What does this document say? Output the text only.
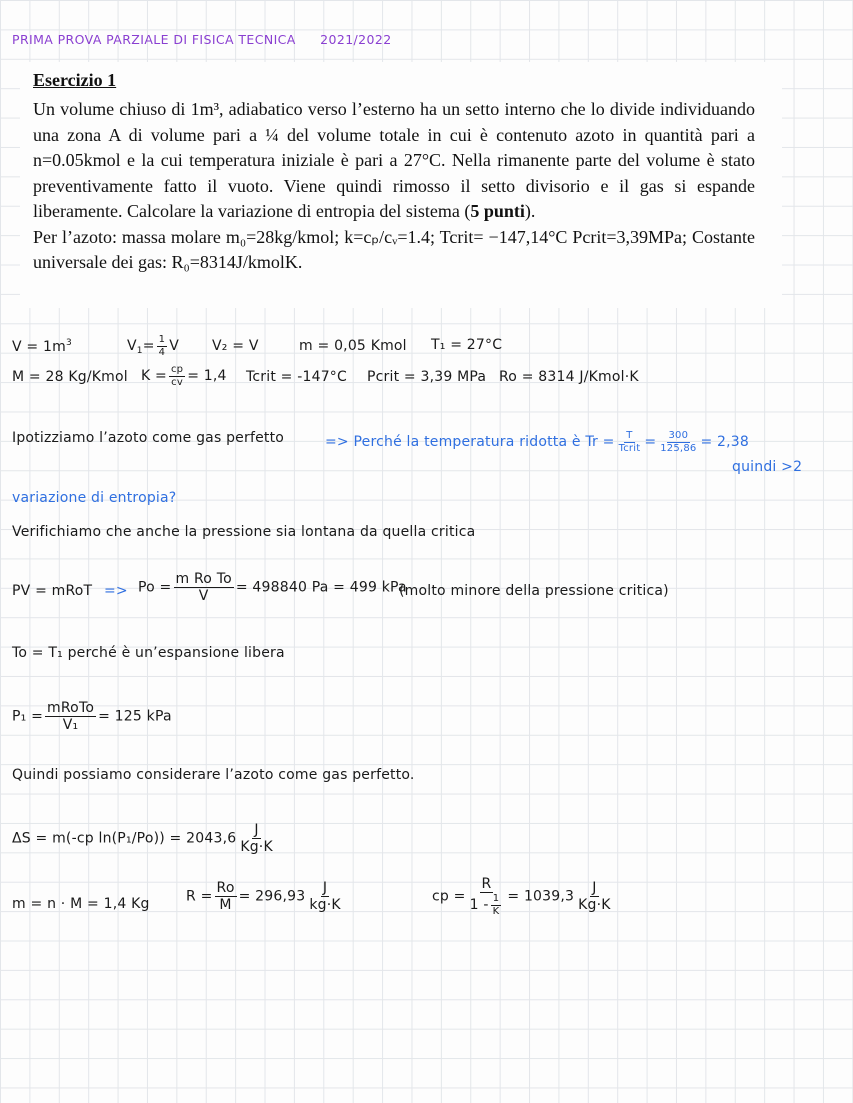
PRIMA PROVA PARZIALE DI FISICA TECNICA 2021/2022
Esercizio 1

Un volume chiuso di 1m³, adiabatico verso l’esterno ha un setto interno che lo divide individuando una zona A di volume pari a ¼ del volume totale in cui è contenuto azoto in quantità pari a n=0.05kmol e la cui temperatura iniziale è pari a 27°C. Nella rimanente parte del volume è stato preventivamente fatto il vuoto. Viene quindi rimosso il setto divisorio e il gas si espande liberamente. Calcolare la variazione di entropia del sistema (5 punti).

Per l’azoto: massa molare m₀=28kg/kmol; k=cₚ/cᵥ=1.4; Tcrit= −147,14°C Pcrit=3,39MPa; Costante universale dei gas: R₀=8314J/kmolK.

$V = 1m^3$	$V_1= \frac{1}{4}$ V V₂ = V	m = 0,05 Kmol T₁ = 27°C
M = 28 Kg/Kmol $K = \frac{cp}{cv} = 1,4$ Tcrit = -147°C Pcrit = 3,39 MPa Ro = 8314 J/Kmol·K
Ipotizziamo l’azoto come gas perfetto	=> Perché la temperatura ridotta è $Tr = \frac{T}{\text{Tcrit}} = \frac{300}{125,86} = 2,38$
quindi >2
variazione di entropia?
Verifichiamo che anche la pressione sia lontana da quella critica
PV = mRoT => $Po = \frac{\text{m Ro To}}{V} = 498840$ Pa = 499 kPa
(molto minore della pressione critica)
To = T₁ perché è un’espansione libera
$P_1 = \frac{\text{mRoTo}}{\text{V₁}} = 125$ kPa
Quindi possiamo considerare l’azoto come gas perfetto.
ΔS = m(-cp $\ln(P_1/Po)) = 2043,6 \frac{J}{Kg\cdot K}$
m = n · M = 1,4 Kg	$R = \frac{Ro}{M} = 296,93 \frac{J}{kg\cdot K}$	cp = $\frac{R}{1 - \frac{1}{K}} = 1039,3 \frac{J}{Kg\cdot K}$
